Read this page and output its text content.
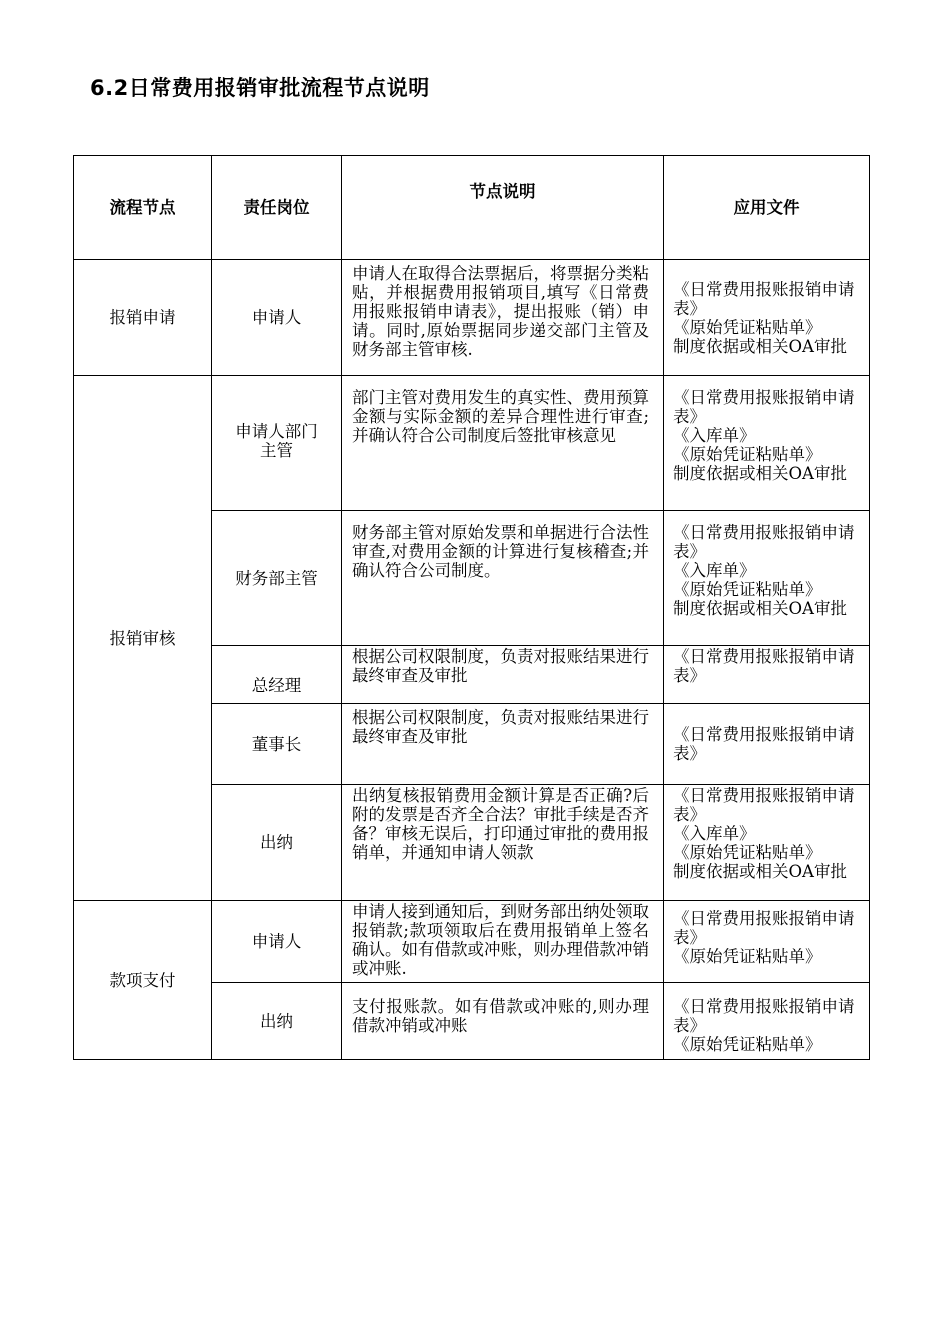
6.2日常费用报销审批流程节点说明
流程节点	责任岗位	节点说明	应用文件
报销申请	申请人	申请人在取得合法票据后，将票据分类粘贴，并根据费用报销项目,填写《日常费用报账报销申请表》，提出报账（销）申请。同时,原始票据同步递交部门主管及财务部主管审核.	《日常费用报账报销申请表》
《原始凭证粘贴单》
制度依据或相关OA审批

报销审核	申请人部门主管	部门主管对费用发生的真实性、费用预算金额与实际金额的差异合理性进行审查;并确认符合公司制度后签批审核意见	《日常费用报账报销申请表》
《入库单》
《原始凭证粘贴单》
制度依据或相关OA审批

	财务部主管	财务部主管对原始发票和单据进行合法性审查,对费用金额的计算进行复核稽查;并确认符合公司制度。	《日常费用报账报销申请表》
《入库单》
《原始凭证粘贴单》
制度依据或相关OA审批

	总经理	根据公司权限制度，负责对报账结果进行最终审查及审批	《日常费用报账报销申请表》

	董事长	根据公司权限制度，负责对报账结果进行最终审查及审批	《日常费用报账报销申请表》

	出纳	出纳复核报销费用金额计算是否正确?后附的发票是否齐全合法？审批手续是否齐备？审核无误后，打印通过审批的费用报销单，并通知申请人领款	《日常费用报账报销申请表》
《入库单》
《原始凭证粘贴单》
制度依据或相关OA审批

款项支付	申请人	申请人接到通知后，到财务部出纳处领取报销款;款项领取后在费用报销单上签名确认。如有借款或冲账，则办理借款冲销或冲账.	《日常费用报账报销申请表》
《原始凭证粘贴单》

	出纳	支付报账款。如有借款或冲账的,则办理借款冲销或冲账	《日常费用报账报销申请表》
《原始凭证粘贴单》
